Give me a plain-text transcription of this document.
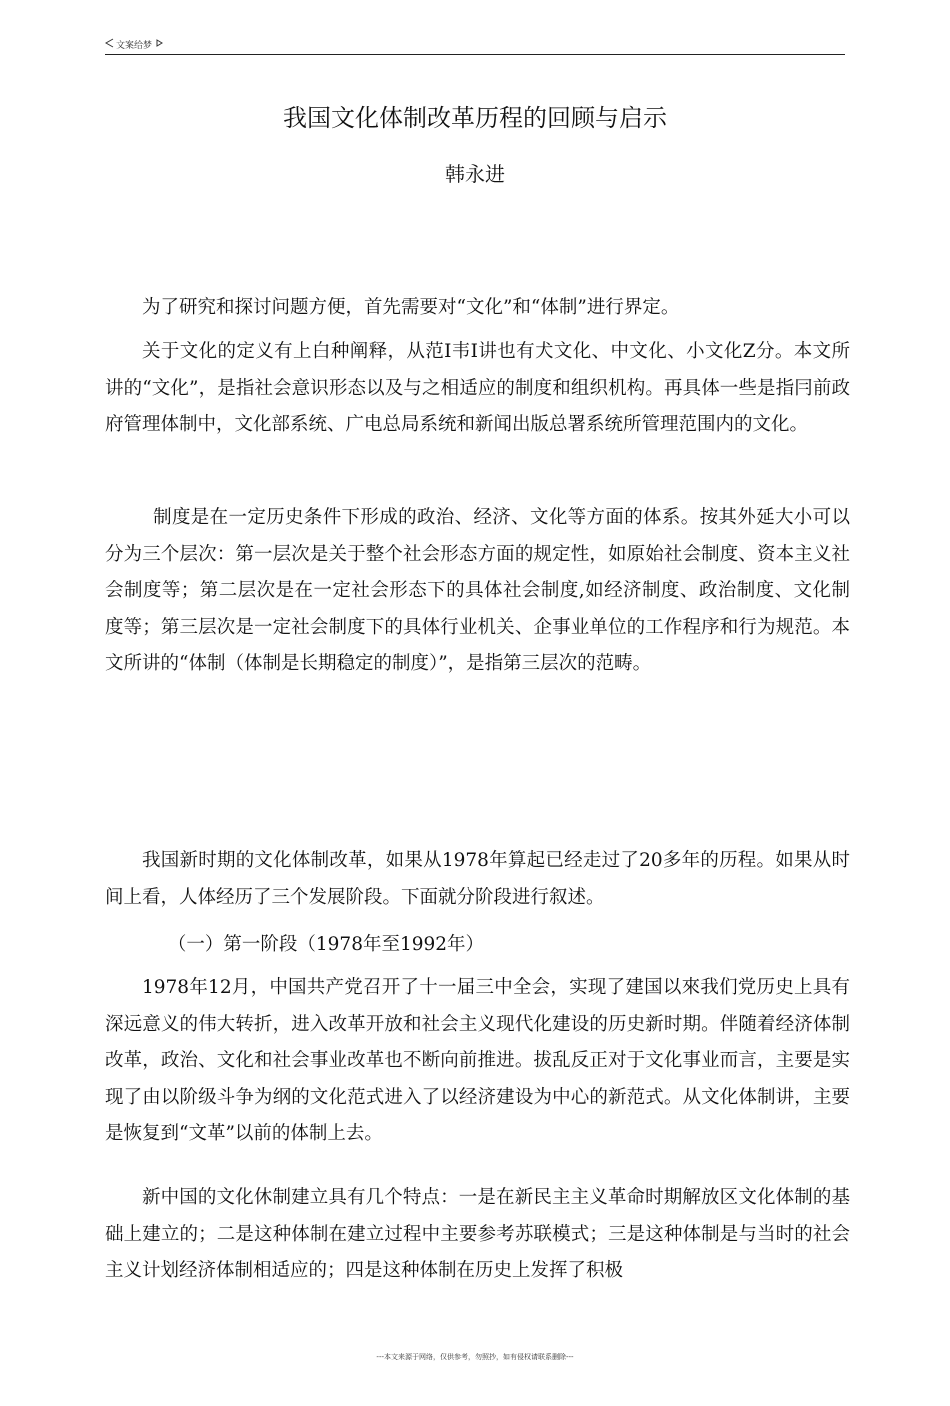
文案给梦
我国文化体制改革历程的回顾与启示
韩永进

为了研究和探讨问题方便，首先需要对“文化”和“体制”进行界定。

关于文化的定义有上白种阐释，从范I韦I讲也有犬文化、中文化、小文化Z分。本文所讲的“文化”，是指社会意识形态以及与之相适应的制度和组织机构。再具体一些是指冃前政府管理体制中，文化部系统、广电总局系统和新闻出版总署系统所管理范围内的文化。

制度是在一定历史条件下形成的政治、经济、文化等方面的体系。按其外延大小可以分为三个层次：第一层次是关于整个社会形态方面的规定性，如原始社会制度、资本主义社会制度等；第二层次是在一定社会形态下的具体社会制度,如经济制度、政治制度、文化制度等；第三层次是一定社会制度下的具体行业机关、企事业单位的工作程序和行为规范。本文所讲的“体制（体制是长期稳定的制度）”，是指第三层次的范畴。

我国新时期的文化体制改革，如果从1978年算起已经走过了20多年的历程。如果从时间上看，人体经历了三个发展阶段。下面就分阶段进行叙述。

（一）第一阶段（1978年至1992年）

1978年12月，中国共产党召开了十一届三中全会，实现了建国以來我们党历史上具有深远意义的伟大转折，进入改革开放和社会主义现代化建设的历史新时期。伴随着经济体制改革，政治、文化和社会事业改革也不断向前推进。拔乱反正对于文化事业而言，主要是实现了由以阶级斗争为纲的文化范式进入了以经济建设为中心的新范式。从文化体制讲，主要是恢复到“文革”以前的体制上去。

新中国的文化休制建立具有几个特点：一是在新民主主义革命时期解放区文化体制的基础上建立的；二是这种体制在建立过程中主要参考苏联模式；三是这种体制是与当时的社会主义计划经济体制相适应的；四是这种体制在历史上发挥了积极

---本文来源于网络，仅供参考，勿照抄，如有侵权请联系删除---
